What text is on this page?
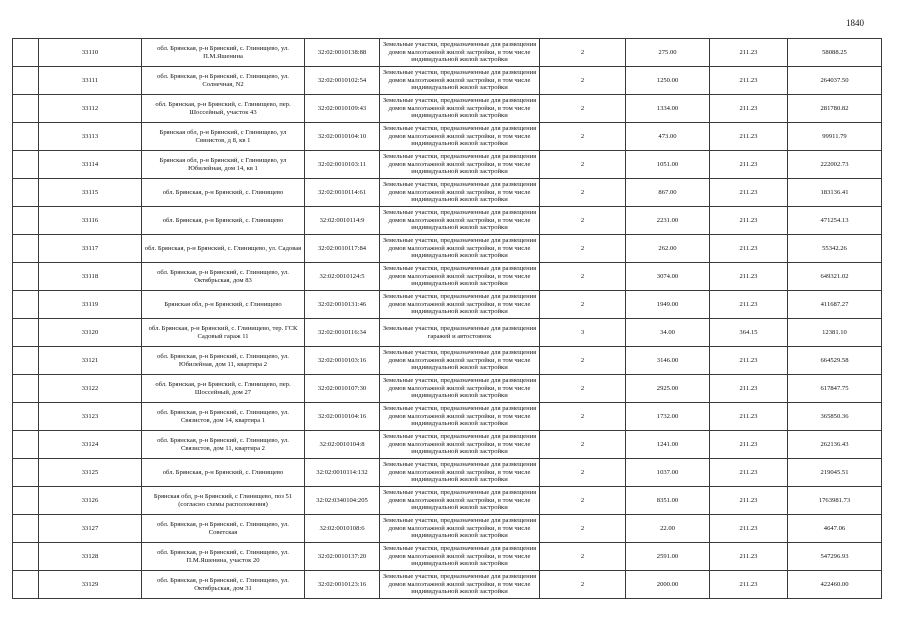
1840
	33110	обл. Брянская, р-н Брянский, с. Глинищево, ул. П.М.Яшенина	32:02:0010138:88	Земельные участки, предназначенные для размещения домов малоэтажной жилой застройки, в том числе индивидуальной жилой застройки	2	275.00	211.23	58088.25
	33111	обл. Брянская, р-н Брянский, с. Глинищево, ул. Солнечная, N2	32:02:0010102:54	Земельные участки, предназначенные для размещения домов малоэтажной жилой застройки, в том числе индивидуальной жилой застройки	2	1250.00	211.23	264037.50
	33112	обл. Брянская, р-н Брянский, с. Глинищево, пер. Шоссейный, участок 43	32:02:0010109:43	Земельные участки, предназначенные для размещения домов малоэтажной жилой застройки, в том числе индивидуальной жилой застройки	2	1334.00	211.23	281780.82
	33113	Брянская обл, р-н Брянский, с Глинищево, ул Связистов, д 8, кв 1	32:02:0010104:10	Земельные участки, предназначенные для размещения домов малоэтажной жилой застройки, в том числе индивидуальной жилой застройки	2	473.00	211.23	99911.79
	33114	Брянская обл, р-н Брянский, с Глинищево, ул Юбилейная, дом 14, кв 1	32:02:0010103:11	Земельные участки, предназначенные для размещения домов малоэтажной жилой застройки, в том числе индивидуальной жилой застройки	2	1051.00	211.23	222002.73
	33115	обл. Брянская, р-н Брянский, с. Глинищево	32:02:0010114:61	Земельные участки, предназначенные для размещения домов малоэтажной жилой застройки, в том числе индивидуальной жилой застройки	2	867.00	211.23	183136.41
	33116	обл. Брянская, р-н Брянский, с. Глинищево	32:02:0010114:9	Земельные участки, предназначенные для размещения домов малоэтажной жилой застройки, в том числе индивидуальной жилой застройки	2	2231.00	211.23	471254.13
	33117	обл. Брянская, р-н Брянский, с. Глинищево, ул. Садовая	32:02:0010117:84	Земельные участки, предназначенные для размещения домов малоэтажной жилой застройки, в том числе индивидуальной жилой застройки	2	262.00	211.23	55342.26
	33118	обл. Брянская, р-н Брянский, с. Глинищево, ул. Октябрьская, дом 83	32:02:0010124:5	Земельные участки, предназначенные для размещения домов малоэтажной жилой застройки, в том числе индивидуальной жилой застройки	2	3074.00	211.23	649321.02
	33119	Брянская обл, р-н Брянский, с Глинищево	32:02:0010131:46	Земельные участки, предназначенные для размещения домов малоэтажной жилой застройки, в том числе индивидуальной жилой застройки	2	1949.00	211.23	411687.27
	33120	обл. Брянская, р-н Брянский, с. Глинищево, тер. ГСК Садовый гараж 11	32:02:0010116:34	Земельные участки, предназначенные для размещения гаражей и автостоянок	3	34.00	364.15	12381.10
	33121	обл. Брянская, р-н Брянский, с. Глинищево, ул. Юбилейная, дом 11, квартира 2	32:02:0010103:16	Земельные участки, предназначенные для размещения домов малоэтажной жилой застройки, в том числе индивидуальной жилой застройки	2	3146.00	211.23	664529.58
	33122	обл. Брянская, р-н Брянский, с. Глинищево, пер. Шоссейный, дом 27	32:02:0010107:30	Земельные участки, предназначенные для размещения домов малоэтажной жилой застройки, в том числе индивидуальной жилой застройки	2	2925.00	211.23	617847.75
	33123	обл. Брянская, р-н Брянский, с. Глинищево, ул. Связистов, дом 14, квартира 1	32:02:0010104:16	Земельные участки, предназначенные для размещения домов малоэтажной жилой застройки, в том числе индивидуальной жилой застройки	2	1732.00	211.23	365850.36
	33124	обл. Брянская, р-н Брянский, с. Глинищево, ул. Связистов, дом 11, квартира 2	32:02:0010104:8	Земельные участки, предназначенные для размещения домов малоэтажной жилой застройки, в том числе индивидуальной жилой застройки	2	1241.00	211.23	262136.43
	33125	обл. Брянская, р-н Брянский, с. Глинищево	32:02:0010114:132	Земельные участки, предназначенные для размещения домов малоэтажной жилой застройки, в том числе индивидуальной жилой застройки	2	1037.00	211.23	219045.51
	33126	Брянская обл, р-н Брянский, с Глинищево, поз 51 (согласно схемы расположения)	32:02:0340104:205	Земельные участки, предназначенные для размещения домов малоэтажной жилой застройки, в том числе индивидуальной жилой застройки	2	8351.00	211.23	1763981.73
	33127	обл. Брянская, р-н Брянский, с. Глинищево, ул. Советская	32:02:0010108:6	Земельные участки, предназначенные для размещения домов малоэтажной жилой застройки, в том числе индивидуальной жилой застройки	2	22.00	211.23	4647.06
	33128	обл. Брянская, р-н Брянский, с. Глинищево, ул. П.М.Яшенина, участок 20	32:02:0010137:20	Земельные участки, предназначенные для размещения домов малоэтажной жилой застройки, в том числе индивидуальной жилой застройки	2	2591.00	211.23	547296.93
	33129	обл. Брянская, р-н Брянский, с. Глинищево, ул. Октябрьская, дом 31	32:02:0010123:16	Земельные участки, предназначенные для размещения домов малоэтажной жилой застройки, в том числе индивидуальной жилой застройки	2	2000.00	211.23	422460.00
